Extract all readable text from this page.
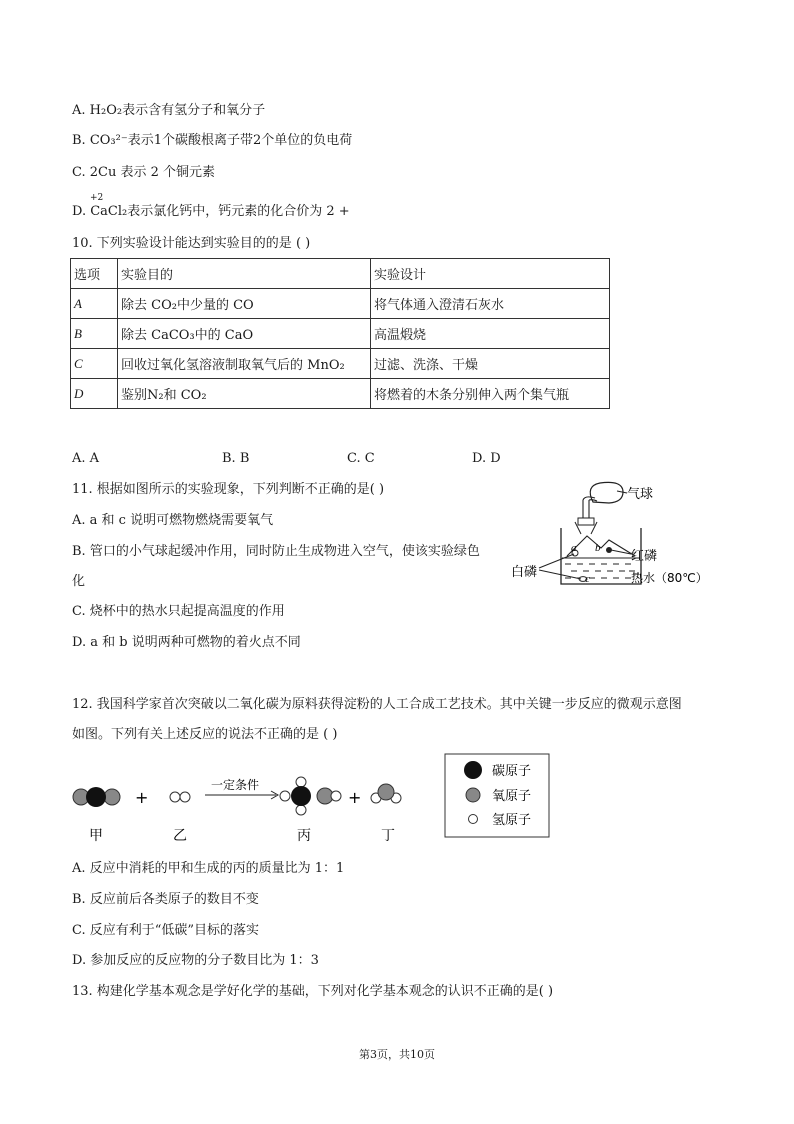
A. H₂O₂表示含有氢分子和氧分子
B. CO₃²⁻表示1个碳酸根离子带2个单位的负电荷
C. 2Cu 表示 2 个铜元素
+2
D. CaCl₂表示氯化钙中，钙元素的化合价为 2 +
10. 下列实验设计能达到实验目的的是 ( )
选项	实验目的	实验设计
A	除去 CO₂中少量的 CO	将气体通入澄清石灰水
B	除去 CaCO₃中的 CaO	高温煅烧
C	回收过氧化氢溶液制取氧气后的 MnO₂	过滤、洗涤、干燥
D	鉴别N₂和 CO₂	将燃着的木条分别伸入两个集气瓶
A. A	B. B	C. C	D. D
11. 根据如图所示的实验现象，下列判断不正确的是( )
A. a 和 c 说明可燃物燃烧需要氧气
B. 管口的小气球起缓冲作用，同时防止生成物进入空气，使该实验绿色
化
C. 烧杯中的热水只起提高温度的作用
D. a 和 b 说明两种可燃物的着火点不同
a b
c
气球
红磷
白磷	热水（80℃）
12. 我国科学家首次突破以二氧化碳为原料获得淀粉的人工合成工艺技术。其中关键一步反应的微观示意图
如图。下列有关上述反应的说法不正确的是 ( )
+
一定条件
+
甲	乙	丙	丁
碳原子
氧原子
氢原子
A. 反应中消耗的甲和生成的丙的质量比为 1：1
B. 反应前后各类原子的数目不变
C. 反应有利于“低碳”目标的落实
D. 参加反应的反应物的分子数目比为 1：3
13. 构建化学基本观念是学好化学的基础，下列对化学基本观念的认识不正确的是( )
第3页，共10页
